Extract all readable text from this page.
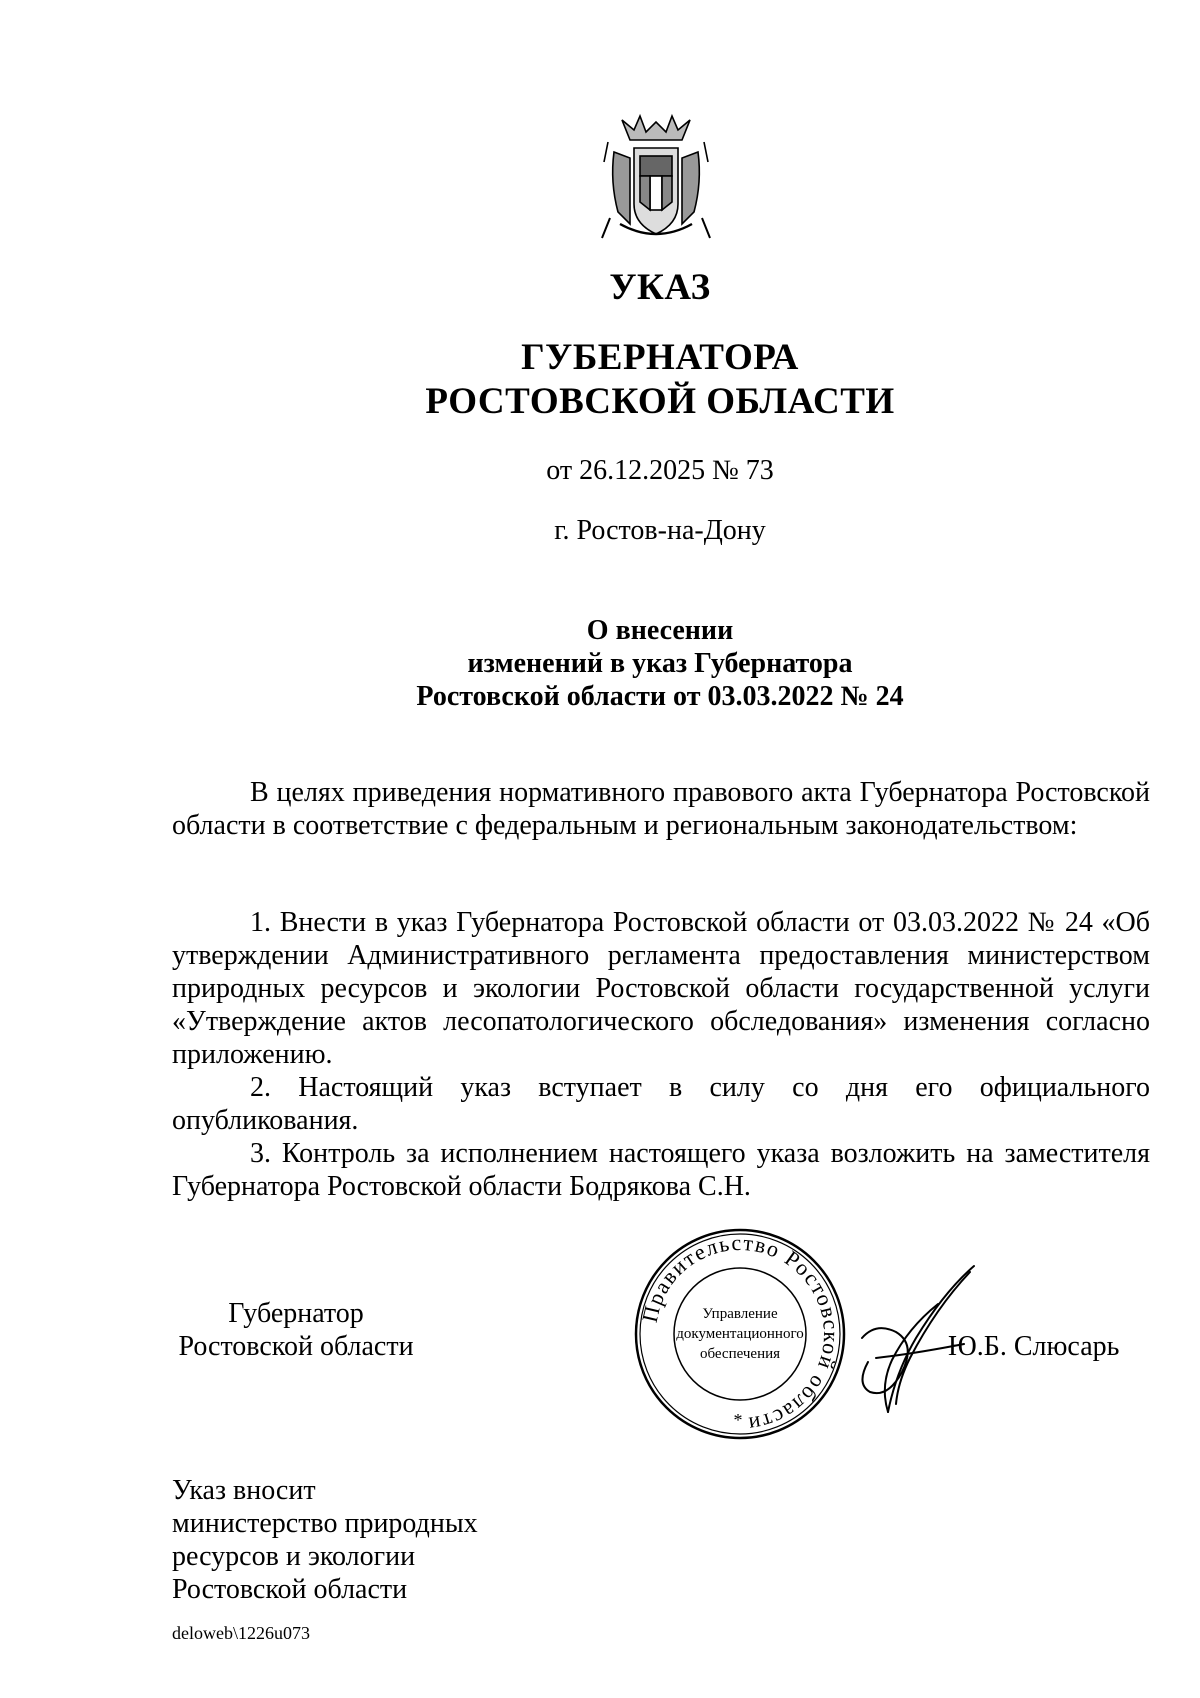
УКАЗ
ГУБЕРНАТОРА
РОСТОВСКОЙ ОБЛАСТИ
от 26.12.2025 № 73
г. Ростов-на-Дону
О внесении
изменений в указ Губернатора
Ростовской области от 03.03.2022 № 24
В целях приведения нормативного правового акта Губернатора Ростовской области в соответствие с федеральным и региональным законодательством:
1. Внести в указ Губернатора Ростовской области от 03.03.2022 № 24 «Об утверждении Административного регламента предоставления министерством природных ресурсов и экологии Ростовской области государственной услуги «Утверждение актов лесопатологического обследования» изменения согласно приложению.
2. Настоящий указ вступает в силу со дня его официального опубликования.
3. Контроль за исполнением настоящего указа возложить на заместителя Губернатора Ростовской области Бодрякова С.Н.
Губернатор
Ростовской области
Правительство Ростовской области
Управление
документационного
обеспечения
*
Ю.Б. Слюсарь
Указ вносит
министерство природных
ресурсов и экологии
Ростовской области
deloweb\1226u073
